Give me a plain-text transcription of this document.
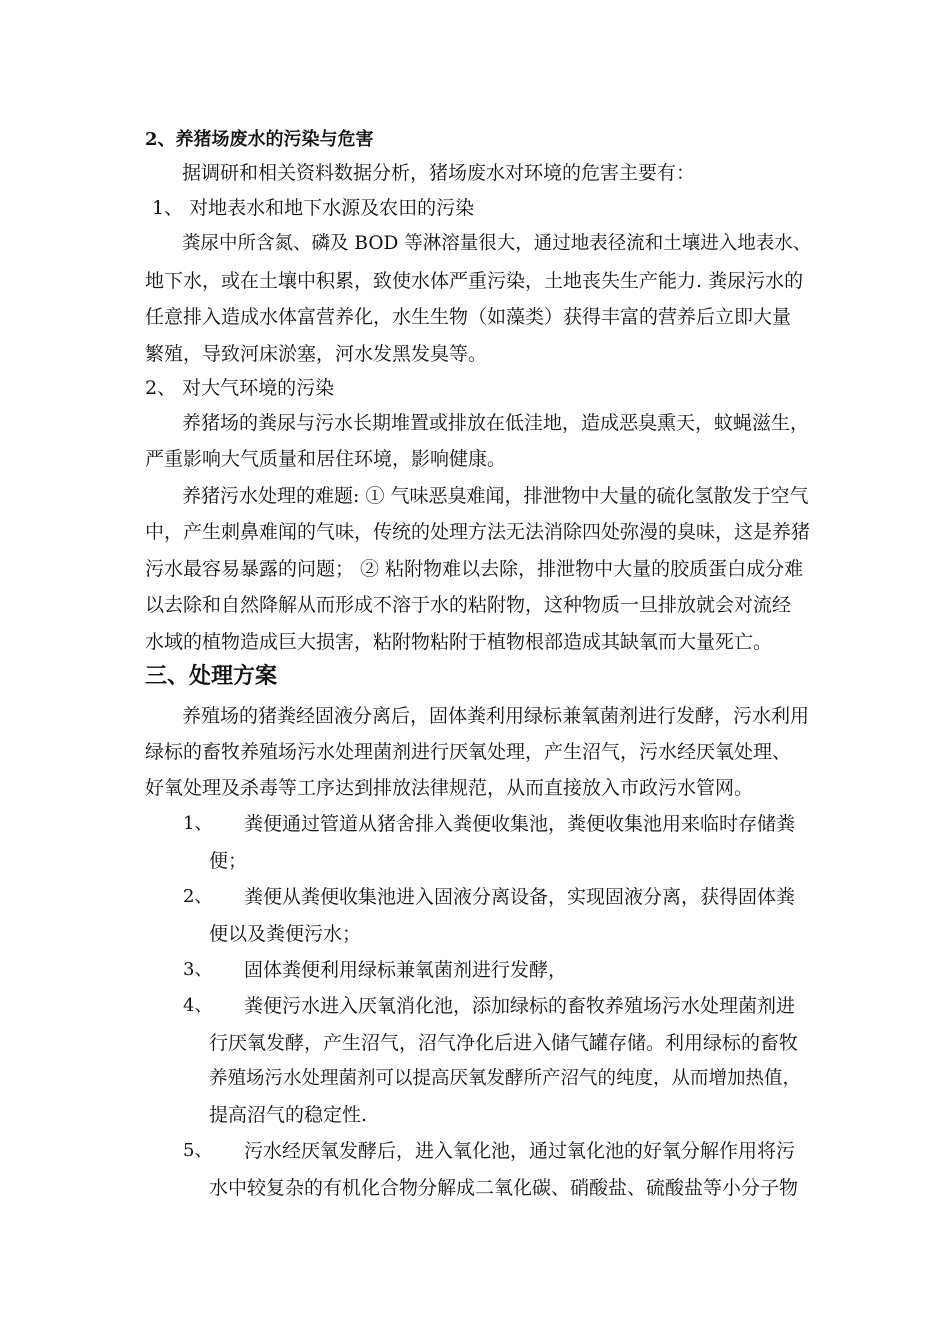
2、养猪场废水的污染与危害
据调研和相关资料数据分析，猪场废水对环境的危害主要有：
1、 对地表水和地下水源及农田的污染
粪尿中所含氮、磷及 BOD 等淋溶量很大，通过地表径流和土壤进入地表水、
地下水，或在土壤中积累，致使水体严重污染，土地丧失生产能力. 粪尿污水的
任意排入造成水体富营养化，水生生物（如藻类）获得丰富的营养后立即大量
繁殖，导致河床淤塞，河水发黑发臭等。
2、 对大气环境的污染
养猪场的粪尿与污水长期堆置或排放在低洼地，造成恶臭熏天，蚊蝇滋生，
严重影响大气质量和居住环境，影响健康。
养猪污水处理的难题: ① 气味恶臭难闻，排泄物中大量的硫化氢散发于空气
中，产生刺鼻难闻的气味，传统的处理方法无法消除四处弥漫的臭味，这是养猪
污水最容易暴露的问题； ② 粘附物难以去除，排泄物中大量的胶质蛋白成分难
以去除和自然降解从而形成不溶于水的粘附物，这种物质一旦排放就会对流经
水域的植物造成巨大损害，粘附物粘附于植物根部造成其缺氧而大量死亡。
三、处理方案
养殖场的猪粪经固液分离后，固体粪利用绿标兼氧菌剂进行发酵，污水利用
绿标的畜牧养殖场污水处理菌剂进行厌氧处理，产生沼气，污水经厌氧处理、
好氧处理及杀毒等工序达到排放法律规范，从而直接放入市政污水管网。
1、 粪便通过管道从猪舍排入粪便收集池，粪便收集池用来临时存储粪
便；
2、 粪便从粪便收集池进入固液分离设备，实现固液分离，获得固体粪
便以及粪便污水；
3、 固体粪便利用绿标兼氧菌剂进行发酵，
4、 粪便污水进入厌氧消化池，添加绿标的畜牧养殖场污水处理菌剂进
行厌氧发酵，产生沼气，沼气净化后进入储气罐存储。利用绿标的畜牧
养殖场污水处理菌剂可以提高厌氧发酵所产沼气的纯度，从而增加热值，
提高沼气的稳定性.
5、 污水经厌氧发酵后，进入氧化池，通过氧化池的好氧分解作用将污
水中较复杂的有机化合物分解成二氧化碳、硝酸盐、硫酸盐等小分子物
